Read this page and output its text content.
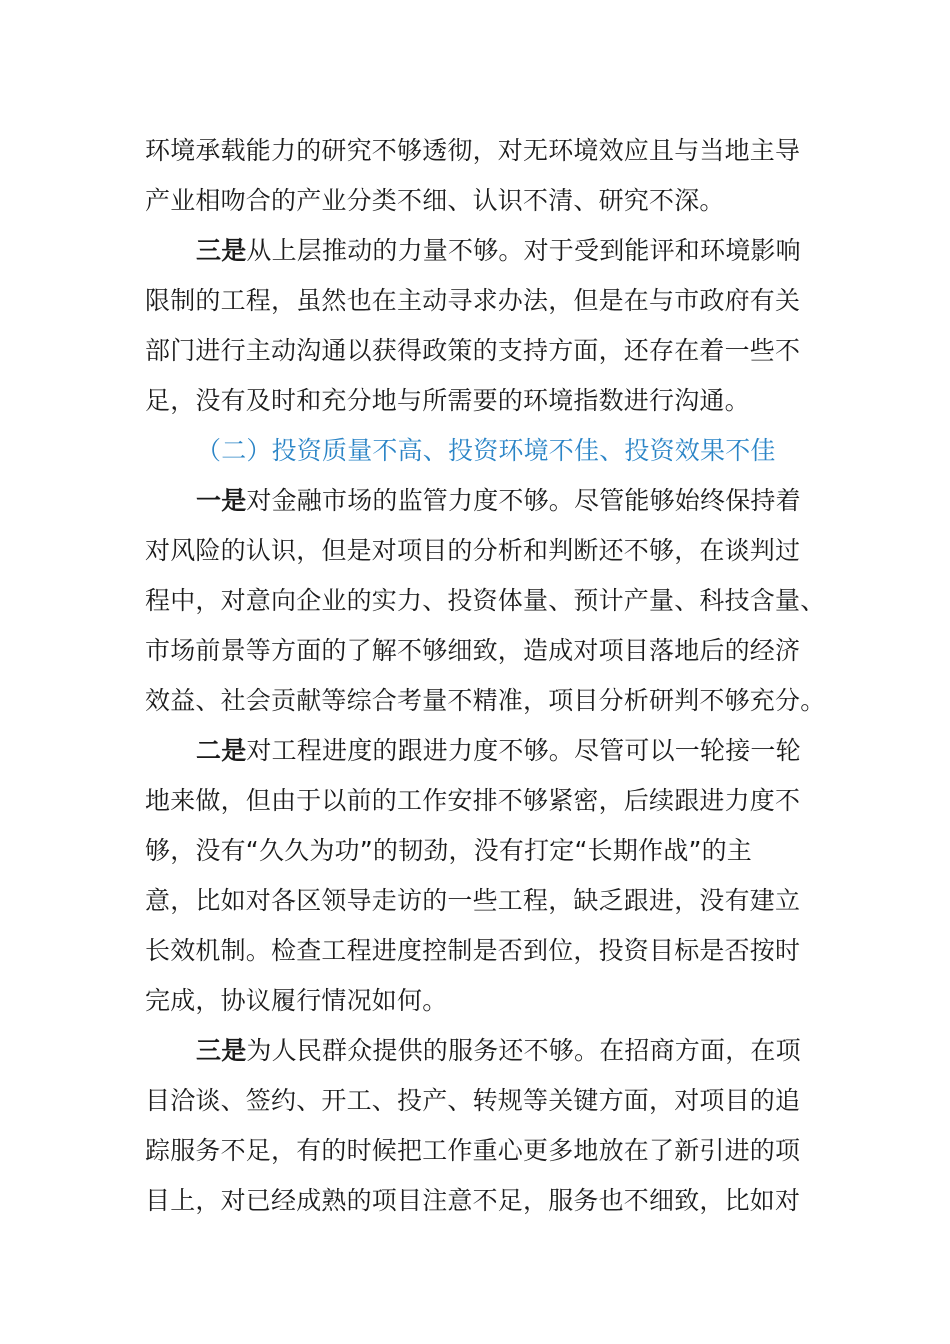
环境承载能力的研究不够透彻，对无环境效应且与当地主导
产业相吻合的产业分类不细、认识不清、研究不深。
三是从上层推动的力量不够。对于受到能评和环境影响
限制的工程，虽然也在主动寻求办法，但是在与市政府有关
部门进行主动沟通以获得政策的支持方面，还存在着一些不
足，没有及时和充分地与所需要的环境指数进行沟通。
（二）投资质量不高、投资环境不佳、投资效果不佳
一是对金融市场的监管力度不够。尽管能够始终保持着
对风险的认识，但是对项目的分析和判断还不够，在谈判过
程中，对意向企业的实力、投资体量、预计产量、科技含量、
市场前景等方面的了解不够细致，造成对项目落地后的经济
效益、社会贡献等综合考量不精准，项目分析研判不够充分。
二是对工程进度的跟进力度不够。尽管可以一轮接一轮
地来做，但由于以前的工作安排不够紧密，后续跟进力度不
够，没有“久久为功”的韧劲，没有打定“长期作战”的主
意，比如对各区领导走访的一些工程，缺乏跟进，没有建立
长效机制。检查工程进度控制是否到位，投资目标是否按时
完成，协议履行情况如何。
三是为人民群众提供的服务还不够。在招商方面，在项
目洽谈、签约、开工、投产、转规等关键方面，对项目的追
踪服务不足，有的时候把工作重心更多地放在了新引进的项
目上，对已经成熟的项目注意不足，服务也不细致，比如对
